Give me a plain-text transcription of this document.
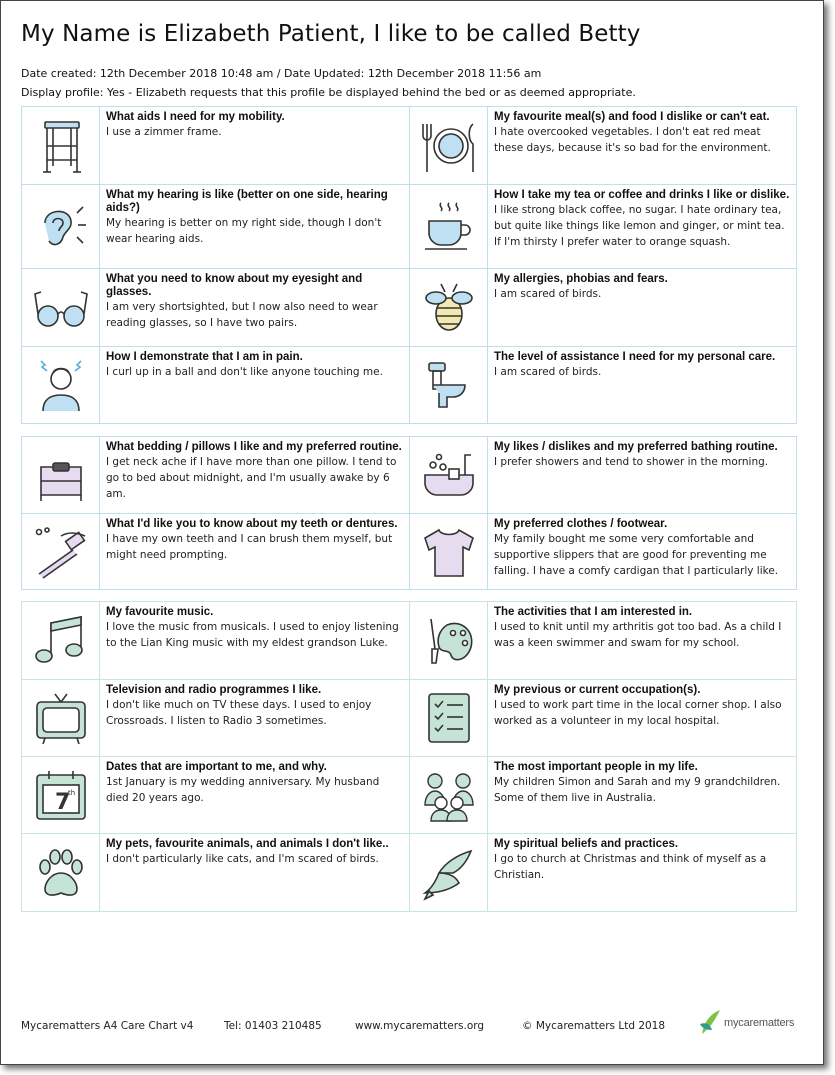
My Name is Elizabeth Patient, I like to be called Betty
Date created: 12th December 2018 10:48 am / Date Updated: 12th December 2018 11:56 am
Display profile: Yes - Elizabeth requests that this profile be displayed behind the bed or as deemed appropriate.
What aids I need for my mobility.
I use a zimmer frame.
My favourite meal(s) and food I dislike or can't eat.
I hate overcooked vegetables. I don't eat red meat these days, because it's so bad for the environment.
What my hearing is like (better on one side, hearing aids?)
My hearing is better on my right side, though I don't wear hearing aids.
How I take my tea or coffee and drinks I like or dislike.
I like strong black coffee, no sugar. I hate ordinary tea, but quite like things like lemon and ginger, or mint tea. If I'm thirsty I prefer water to orange squash.
What you need to know about my eyesight and glasses.
I am very shortsighted, but I now also need to wear reading glasses, so I have two pairs.
My allergies, phobias and fears.
I am scared of birds.
How I demonstrate that I am in pain.
I curl up in a ball and don't like anyone touching me.
The level of assistance I need for my personal care.
I am scared of birds.
What bedding / pillows I like and my preferred routine.
I get neck ache if I have more than one pillow. I tend to go to bed about midnight, and I'm usually awake by 6 am.
My likes / dislikes and my preferred bathing routine.
I prefer showers and tend to shower in the morning.
What I'd like you to know about my teeth or dentures.
I have my own teeth and I can brush them myself, but might need prompting.
My preferred clothes / footwear.
My family bought me some very comfortable and supportive slippers that are good for preventing me falling. I have a comfy cardigan that I particularly like.
My favourite music.
I love the music from musicals. I used to enjoy listening to the Lian King music with my eldest grandson Luke.
The activities that I am interested in.
I used to knit until my arthritis got too bad. As a child I was a keen swimmer and swam for my school.
Television and radio programmes I like.
I don't like much on TV these days. I used to enjoy Crossroads. I listen to Radio 3 sometimes.
My previous or current occupation(s).
I used to work part time in the local corner shop. I also worked as a volunteer in my local hospital.
7
th
Dates that are important to me, and why.
1st January is my wedding anniversary. My husband died 20 years ago.
The most important people in my life.
My children Simon and Sarah and my 9 grandchildren. Some of them live in Australia.
My pets, favourite animals, and animals I don't like..
I don't particularly like cats, and I'm scared of birds.
My spiritual beliefs and practices.
I go to church at Christmas and think of myself as a Christian.
Mycarematters A4 Care Chart v4	Tel: 01403 210485	www.mycarematters.org	© Mycarematters Ltd 2018	mycarematters
